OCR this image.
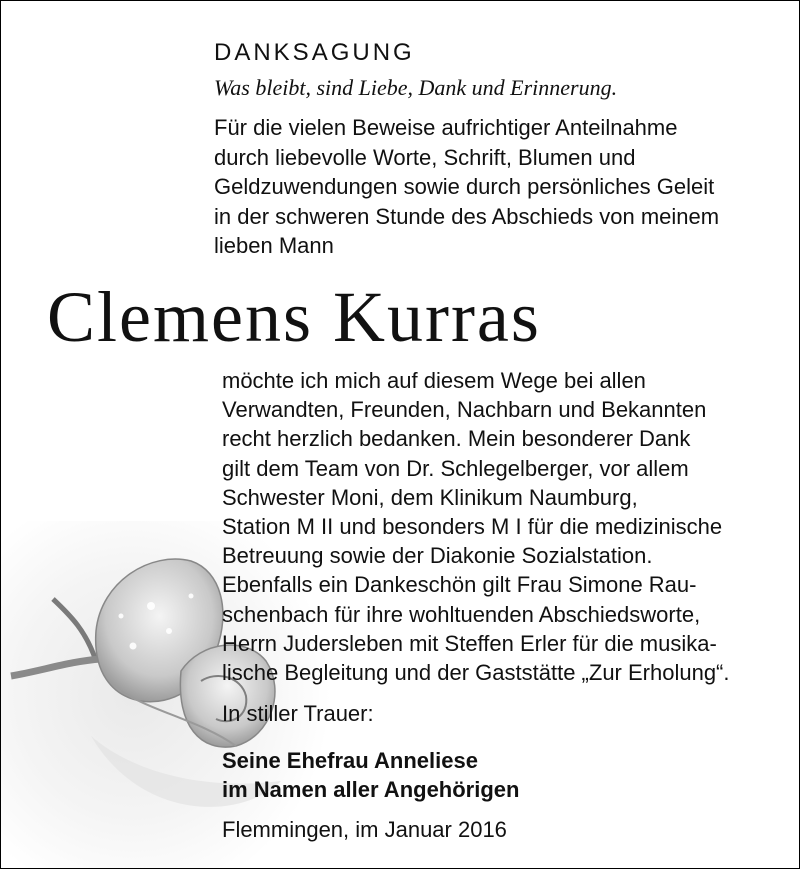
DANKSAGUNG

Was bleibt, sind Liebe, Dank und Erinnerung.

Für die vielen Beweise aufrichtiger Anteilnahme
durch liebevolle Worte, Schrift, Blumen und
Geldzuwendungen sowie durch persönliches Geleit
in der schweren Stunde des Abschieds von meinem
lieben Mann
Clemens Kurras
möchte ich mich auf diesem Wege bei allen
Verwandten, Freunden, Nachbarn und Bekannten
recht herzlich bedanken. Mein besonderer Dank
gilt dem Team von Dr. Schlegelberger, vor allem
Schwester Moni, dem Klinikum Naumburg,
Station M II und besonders M I für die medizinische
Betreuung sowie der Diakonie Sozialstation.
Ebenfalls ein Dankeschön gilt Frau Simone Rau-
schenbach für ihre wohltuenden Abschiedsworte,
Herrn Judersleben mit Steffen Erler für die musika-
lische Begleitung und der Gaststätte „Zur Erholung“.
In stiller Trauer:
Seine Ehefrau Anneliese
im Namen aller Angehörigen
Flemmingen, im Januar 2016
